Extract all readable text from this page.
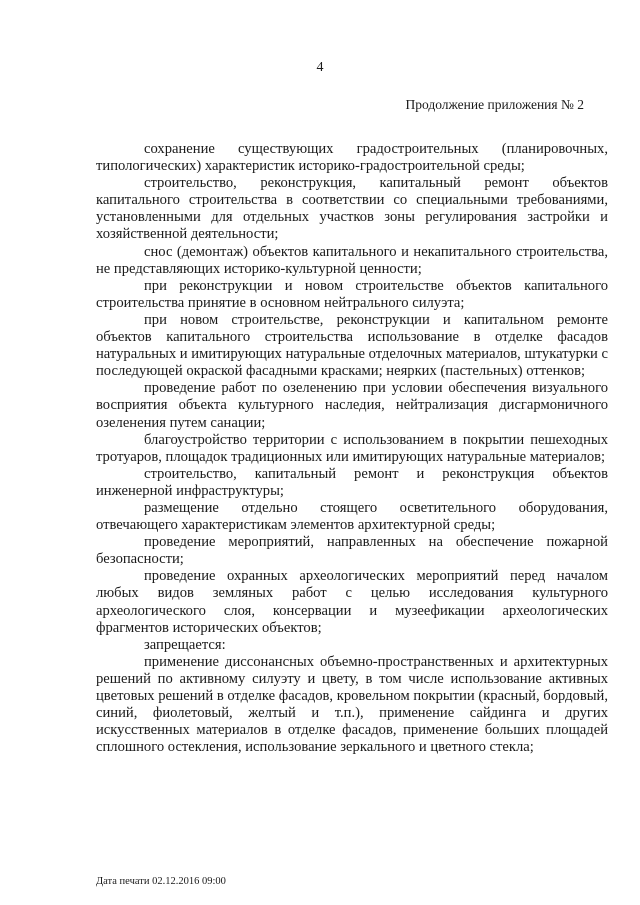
4
Продолжение приложения № 2

сохранение существующих градостроительных (планировочных, типологических) характеристик историко-градостроительной среды;

строительство, реконструкция, капитальный ремонт объектов капитального строительства в соответствии со специальными требованиями, установленными для отдельных участков зоны регулирования застройки и хозяйственной деятельности;

снос (демонтаж) объектов капитального и некапитального строительства, не представляющих историко-культурной ценности;

при реконструкции и новом строительстве объектов капитального строительства принятие в основном нейтрального силуэта;

при новом строительстве, реконструкции и капитальном ремонте объектов капитального строительства использование в отделке фасадов натуральных и имитирующих натуральные отделочных материалов, штукатурки с последующей окраской фасадными красками; неярких (пастельных) оттенков;

проведение работ по озеленению при условии обеспечения визуального восприятия объекта культурного наследия, нейтрализация дисгармоничного озеленения путем санации;

благоустройство территории с использованием в покрытии пешеходных тротуаров, площадок традиционных или имитирующих натуральные материалов;

строительство, капитальный ремонт и реконструкция объектов инженерной инфраструктуры;

размещение отдельно стоящего осветительного оборудования, отвечающего характеристикам элементов архитектурной среды;

проведение мероприятий, направленных на обеспечение пожарной безопасности;

проведение охранных археологических мероприятий перед началом любых видов земляных работ с целью исследования культурного археологического слоя, консервации и музеефикации археологических фрагментов исторических объектов;

запрещается:

применение диссонансных объемно-пространственных и архитектурных решений по активному силуэту и цвету, в том числе использование активных цветовых решений в отделке фасадов, кровельном покрытии (красный, бордовый, синий, фиолетовый, желтый и т.п.), применение сайдинга и других искусственных материалов в отделке фасадов, применение больших площадей сплошного остекления, использование зеркального и цветного стекла;

Дата печати 02.12.2016 09:00
